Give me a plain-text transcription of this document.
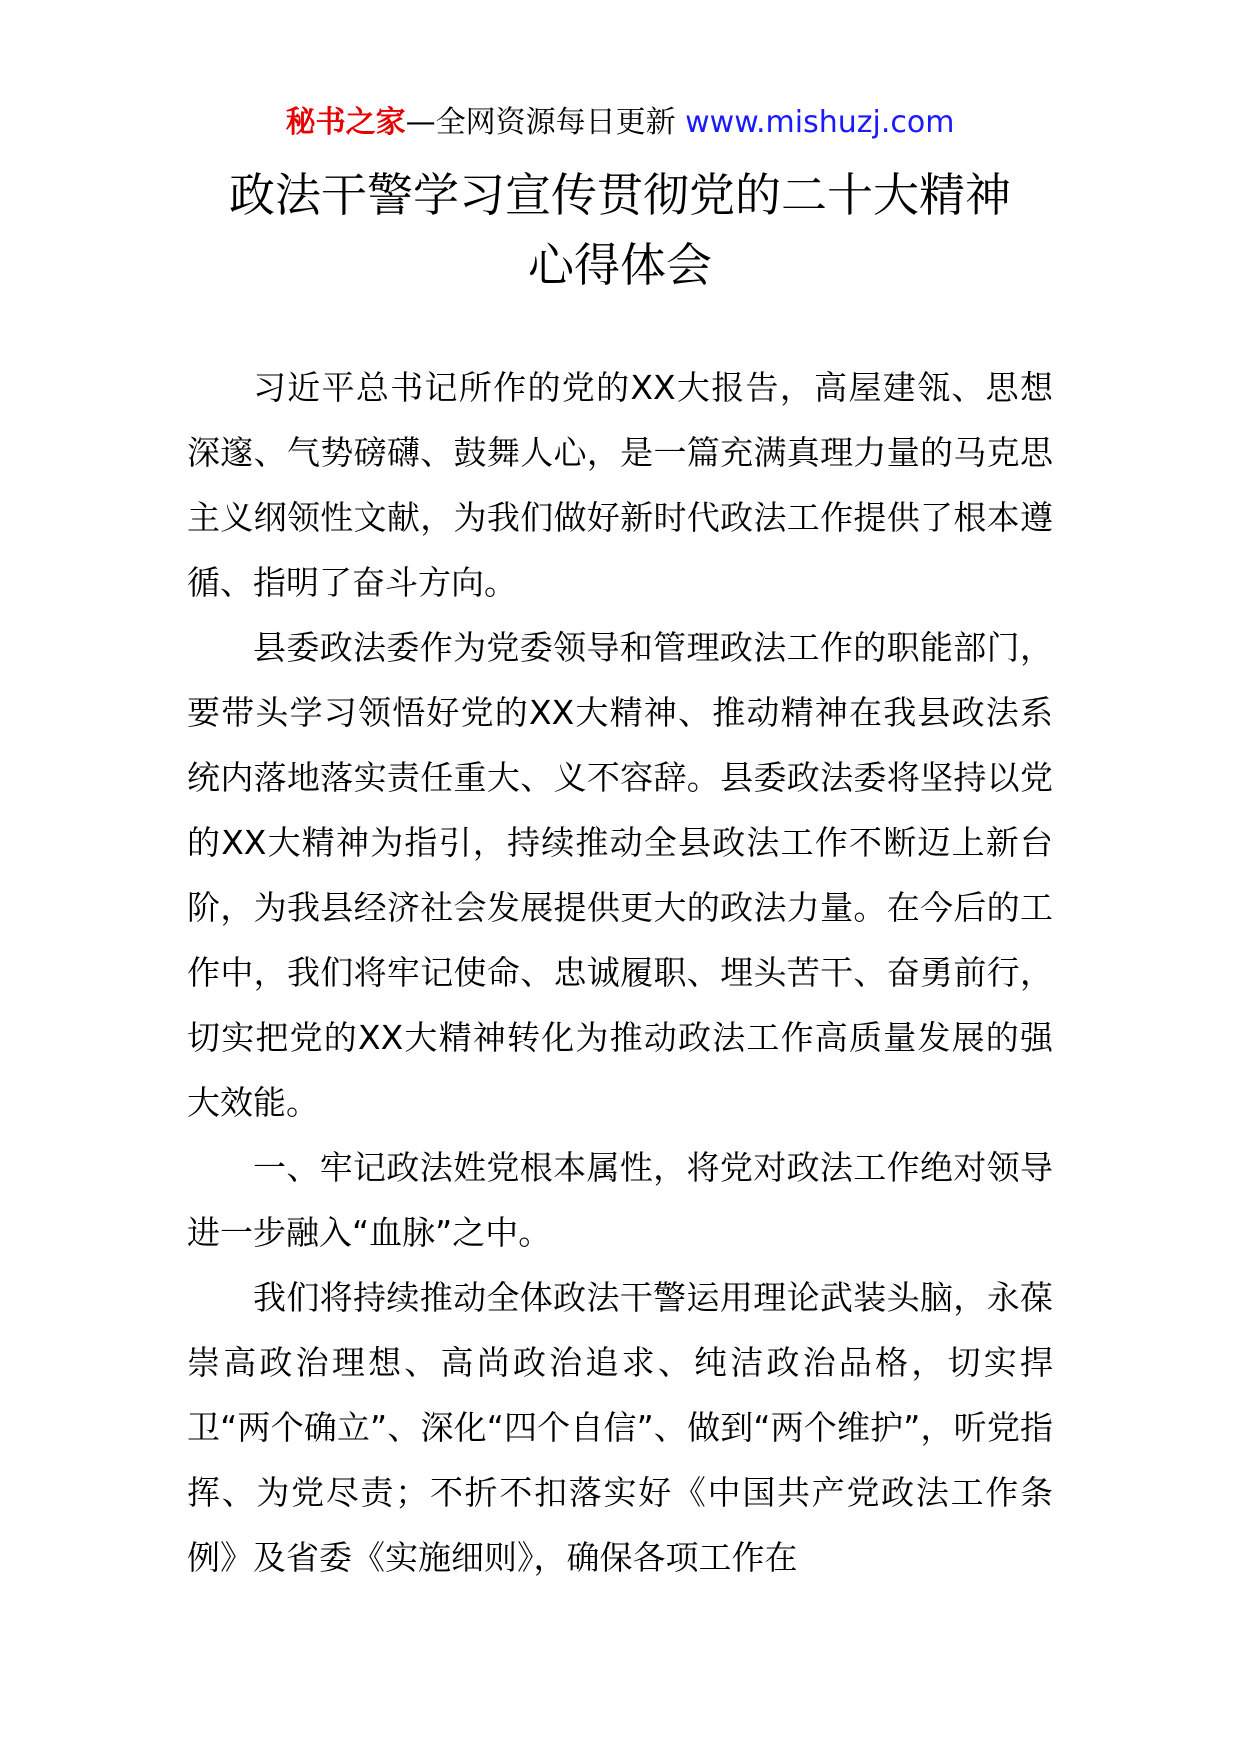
秘书之家—全网资源每日更新 www.mishuzj.com
政法干警学习宣传贯彻党的二十大精神
心得体会

习近平总书记所作的党的XX大报告，高屋建瓴、思想深邃、气势磅礴、鼓舞人心，是一篇充满真理力量的马克思主义纲领性文献，为我们做好新时代政法工作提供了根本遵循、指明了奋斗方向。

县委政法委作为党委领导和管理政法工作的职能部门，要带头学习领悟好党的XX大精神、推动精神在我县政法系统内落地落实责任重大、义不容辞。县委政法委将坚持以党的XX大精神为指引，持续推动全县政法工作不断迈上新台阶，为我县经济社会发展提供更大的政法力量。在今后的工作中，我们将牢记使命、忠诚履职、埋头苦干、奋勇前行，切实把党的XX大精神转化为推动政法工作高质量发展的强大效能。

一、牢记政法姓党根本属性，将党对政法工作绝对领导进一步融入“血脉”之中。

我们将持续推动全体政法干警运用理论武装头脑，永葆崇高政治理想、高尚政治追求、纯洁政治品格，切实捍卫“两个确立”、深化“四个自信”、做到“两个维护”，听党指挥、为党尽责；不折不扣落实好《中国共产党政法工作条例》及省委《实施细则》，确保各项工作在
